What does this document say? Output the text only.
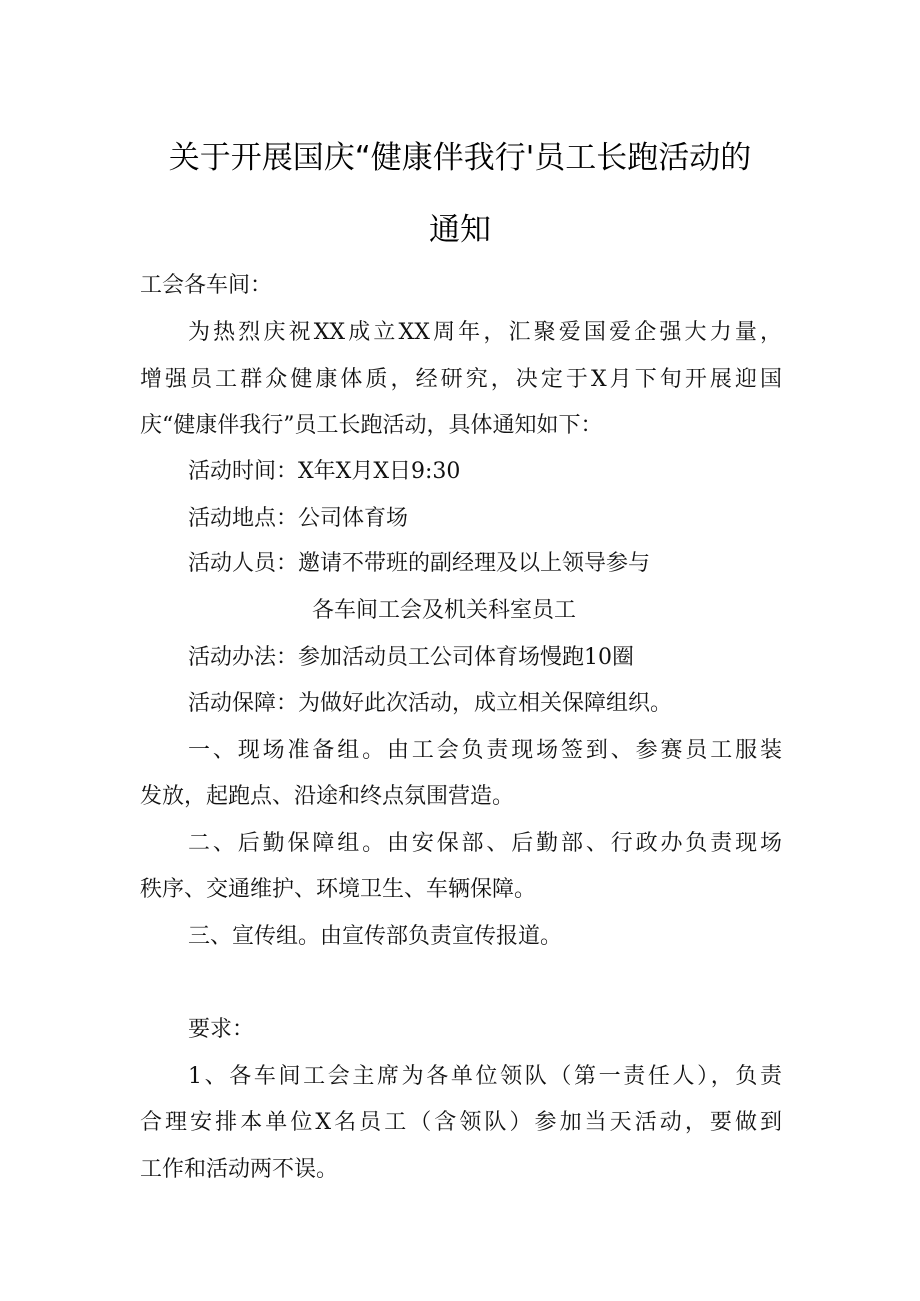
关于开展国庆“健康伴我行'员工长跑活动的
通知
工会各车间：
为热烈庆祝XX成立XX周年，汇聚爱国爱企强大力量，
增强员工群众健康体质，经研究，决定于X月下旬开展迎国
庆“健康伴我行”员工长跑活动，具体通知如下：
活动时间：X年X月X日9:30
活动地点：公司体育场
活动人员：邀请不带班的副经理及以上领导参与
各车间工会及机关科室员工
活动办法：参加活动员工公司体育场慢跑10圈
活动保障：为做好此次活动，成立相关保障组织。
一、现场准备组。由工会负责现场签到、参赛员工服装
发放，起跑点、沿途和终点氛围营造。
二、后勤保障组。由安保部、后勤部、行政办负责现场
秩序、交通维护、环境卫生、车辆保障。
三、宣传组。由宣传部负责宣传报道。
要求：
1、各车间工会主席为各单位领队（第一责任人），负责
合理安排本单位X名员工（含领队）参加当天活动，要做到
工作和活动两不误。
